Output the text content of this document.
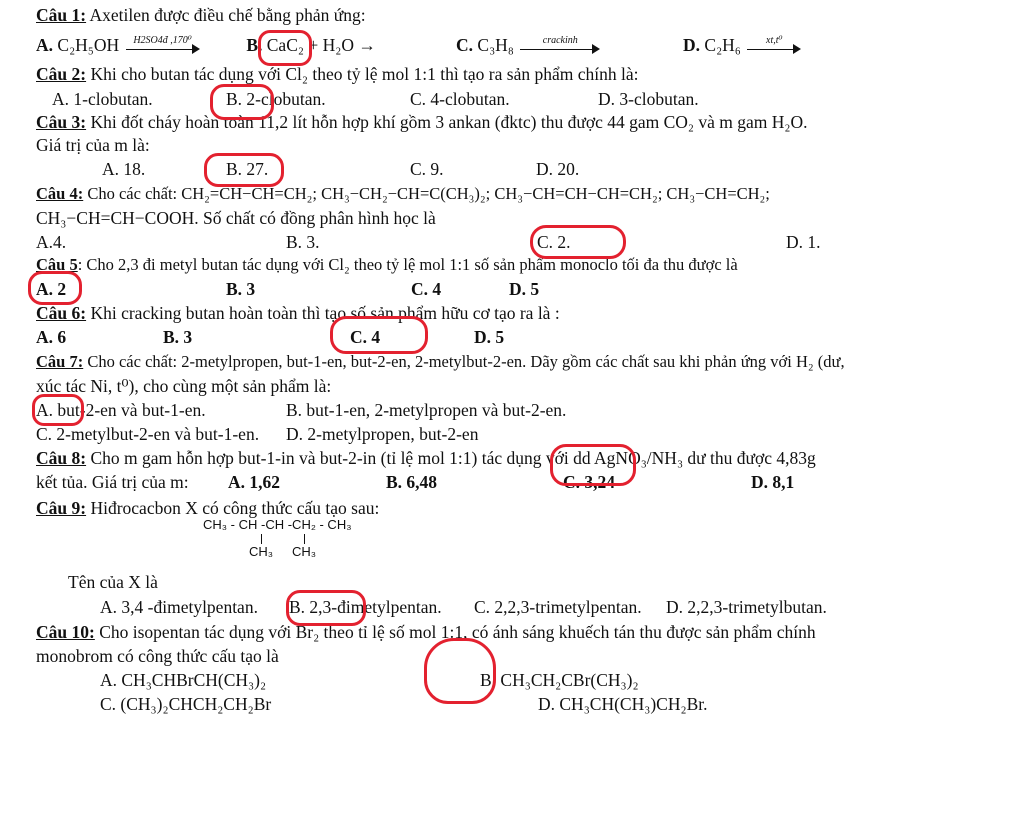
Câu 1: Axetilen được điều chế bằng phản ứng:
A. C₂H₅OH	H2SO4đ ,170⁰	B. CaC₂ + H₂O →	C. C₃H₈	crackinh	D. C₂H₆	xt,t⁰
Câu 2: Khi cho butan tác dụng với Cl₂ theo tỷ lệ mol 1:1 thì tạo ra sản phẩm chính là:
A. 1-clobutan.	B. 2-clobutan.	C. 4-clobutan.	D. 3-clobutan.
Câu 3: Khi đốt cháy hoàn toàn 11,2 lít hỗn hợp khí gồm 3 ankan (đktc) thu được 44 gam CO₂ và m gam H₂O.
Giá trị của m là:
A. 18.	B. 27.	C. 9.	D. 20.
Câu 4: Cho các chất: CH₂=CH−CH=CH₂; CH₃−CH₂−CH=C(CH₃)₂; CH₃−CH=CH−CH=CH₂; CH₃−CH=CH₂;
CH₃−CH=CH−COOH. Số chất có đồng phân hình học là
A.4.	B. 3.	C. 2.	D. 1.
Câu 5: Cho 2,3 đi metyl butan tác dụng với Cl₂ theo tỷ lệ mol 1:1 số sản phẩm monoclo tối đa thu được là
A. 2	B. 3	C. 4	D. 5
Câu 6: Khi cracking butan hoàn toàn thì tạo số sản phẩm hữu cơ tạo ra là :
A. 6	B. 3	C. 4	D. 5
Câu 7: Cho các chất: 2-metylpropen, but-1-en, but-2-en, 2-metylbut-2-en. Dãy gồm các chất sau khi phản ứng với H₂ (dư,
xúc tác Ni, t⁰), cho cùng một sản phẩm là:
A. but-2-en và but-1-en.	B. but-1-en, 2-metylpropen và but-2-en.
C. 2-metylbut-2-en và but-1-en. D. 2-metylpropen, but-2-en
Câu 8: Cho m gam hỗn hợp but-1-in và but-2-in (tỉ lệ mol 1:1) tác dụng với dd AgNO₃/NH₃ dư thu được 4,83g
kết tủa. Giá trị của m: A. 1,62	B. 6,48	C. 3,24	D. 8,1
Câu 9: Hiđrocacbon X có công thức cấu tạo sau:
CH₃ - CH -CH -CH₂ - CH₃
CH₃ CH₃
Tên của X là
A. 3,4 -đimetylpentan. B. 2,3-đimetylpentan. C. 2,2,3-trimetylpentan. D. 2,2,3-trimetylbutan.
Câu 10: Cho isopentan tác dụng với Br₂ theo tỉ lệ số mol 1:1, có ánh sáng khuếch tán thu được sản phẩm chính
monobrom có công thức cấu tạo là
A. CH₃CHBrCH(CH₃)₂	B. CH₃CH₂CBr(CH₃)₂
C. (CH₃)₂CHCH₂CH₂Br	D. CH₃CH(CH₃)CH₂Br.
